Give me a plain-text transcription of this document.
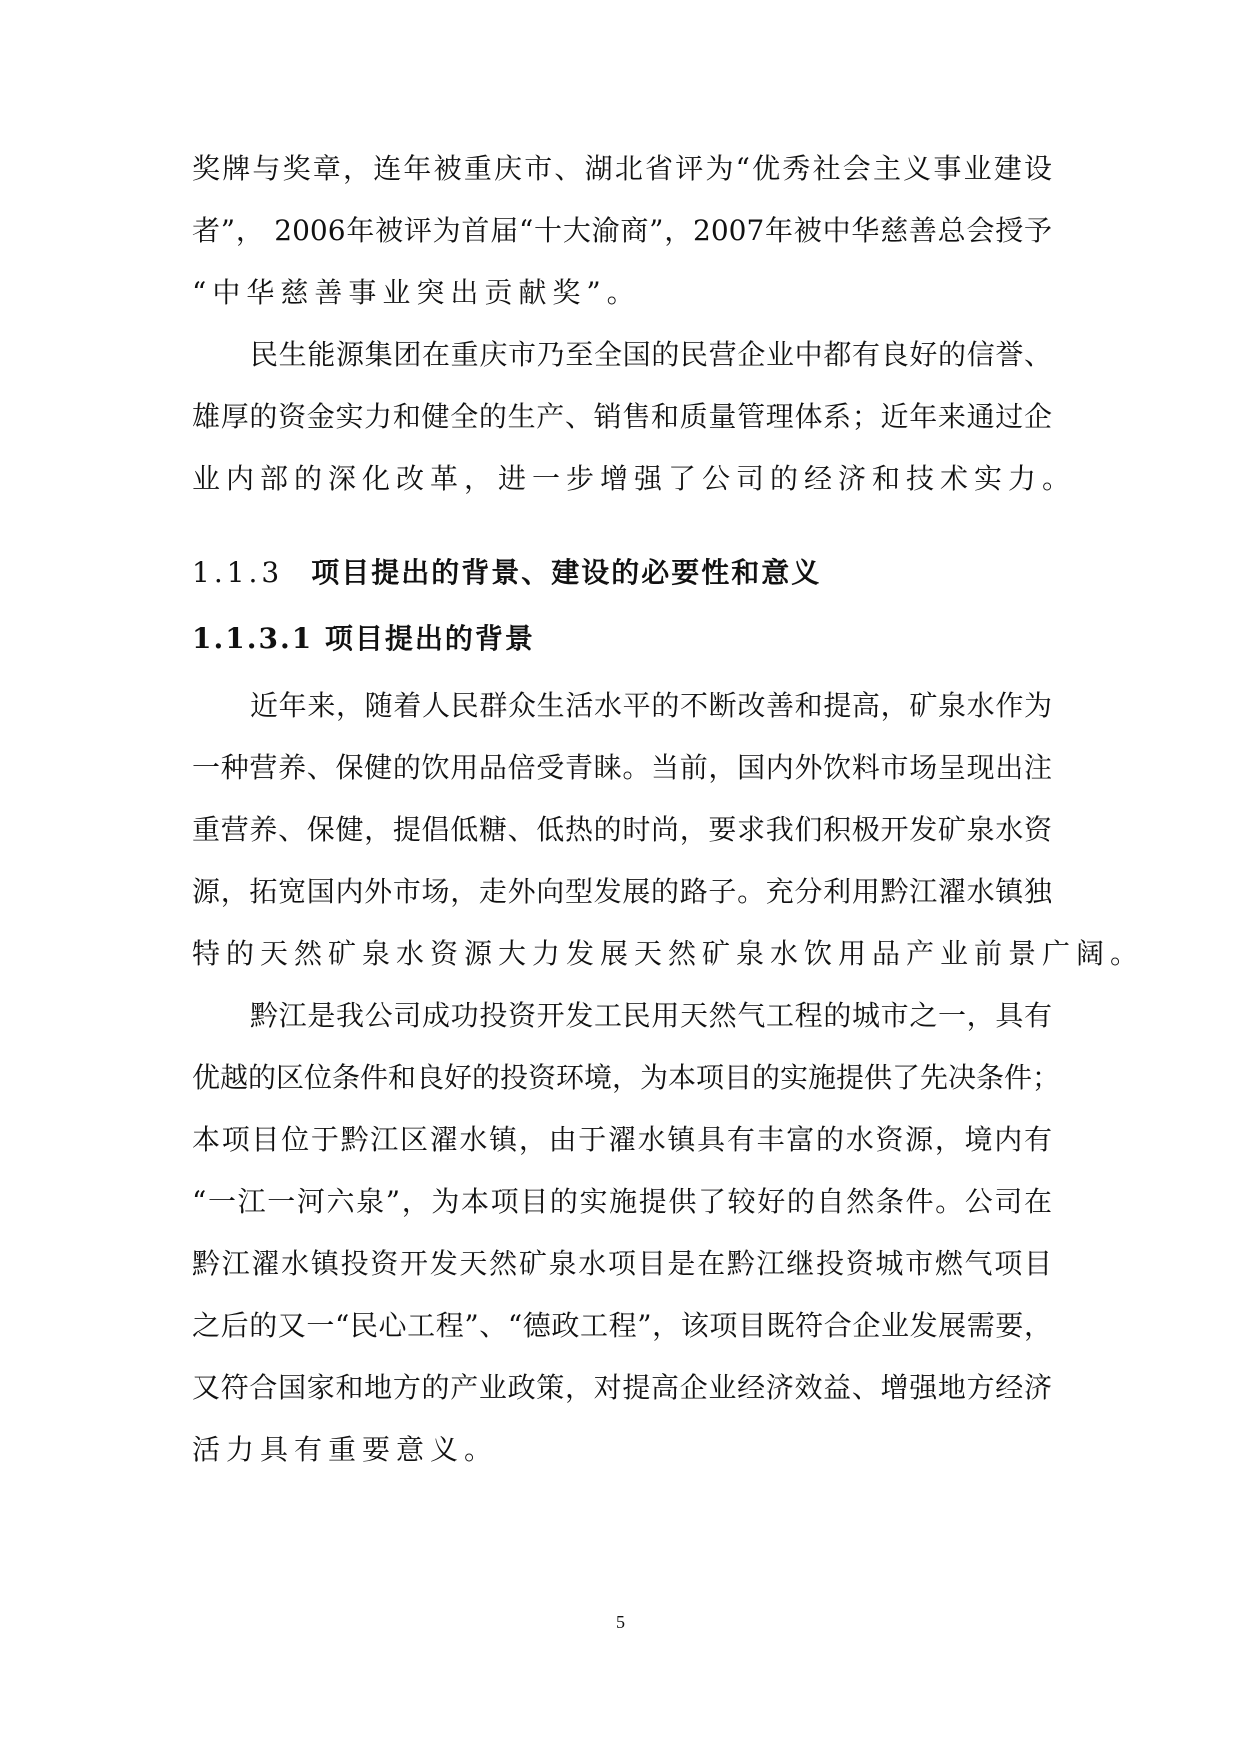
奖牌与奖章，连年被重庆市、湖北省评为“优秀社会主义事业建设
者”， 2006年被评为首届“十大渝商”，2007年被中华慈善总会授予
“中华慈善事业突出贡献奖”。
民生能源集团在重庆市乃至全国的民营企业中都有良好的信誉、
雄厚的资金实力和健全的生产、销售和质量管理体系；近年来通过企
业内部的深化改革，进一步增强了公司的经济和技术实力。
1.1.3 项目提出的背景、建设的必要性和意义
1.1.3.1 项目提出的背景
近年来，随着人民群众生活水平的不断改善和提高，矿泉水作为
一种营养、保健的饮用品倍受青睐。当前，国内外饮料市场呈现出注
重营养、保健，提倡低糖、低热的时尚，要求我们积极开发矿泉水资
源，拓宽国内外市场，走外向型发展的路子。充分利用黔江濯水镇独
特的天然矿泉水资源大力发展天然矿泉水饮用品产业前景广阔。
黔江是我公司成功投资开发工民用天然气工程的城市之一，具有
优越的区位条件和良好的投资环境，为本项目的实施提供了先决条件；
本项目位于黔江区濯水镇，由于濯水镇具有丰富的水资源，境内有
“一江一河六泉”，为本项目的实施提供了较好的自然条件。公司在
黔江濯水镇投资开发天然矿泉水项目是在黔江继投资城市燃气项目
之后的又一“民心工程”、“德政工程”，该项目既符合企业发展需要，
又符合国家和地方的产业政策，对提高企业经济效益、增强地方经济
活力具有重要意义。
5
